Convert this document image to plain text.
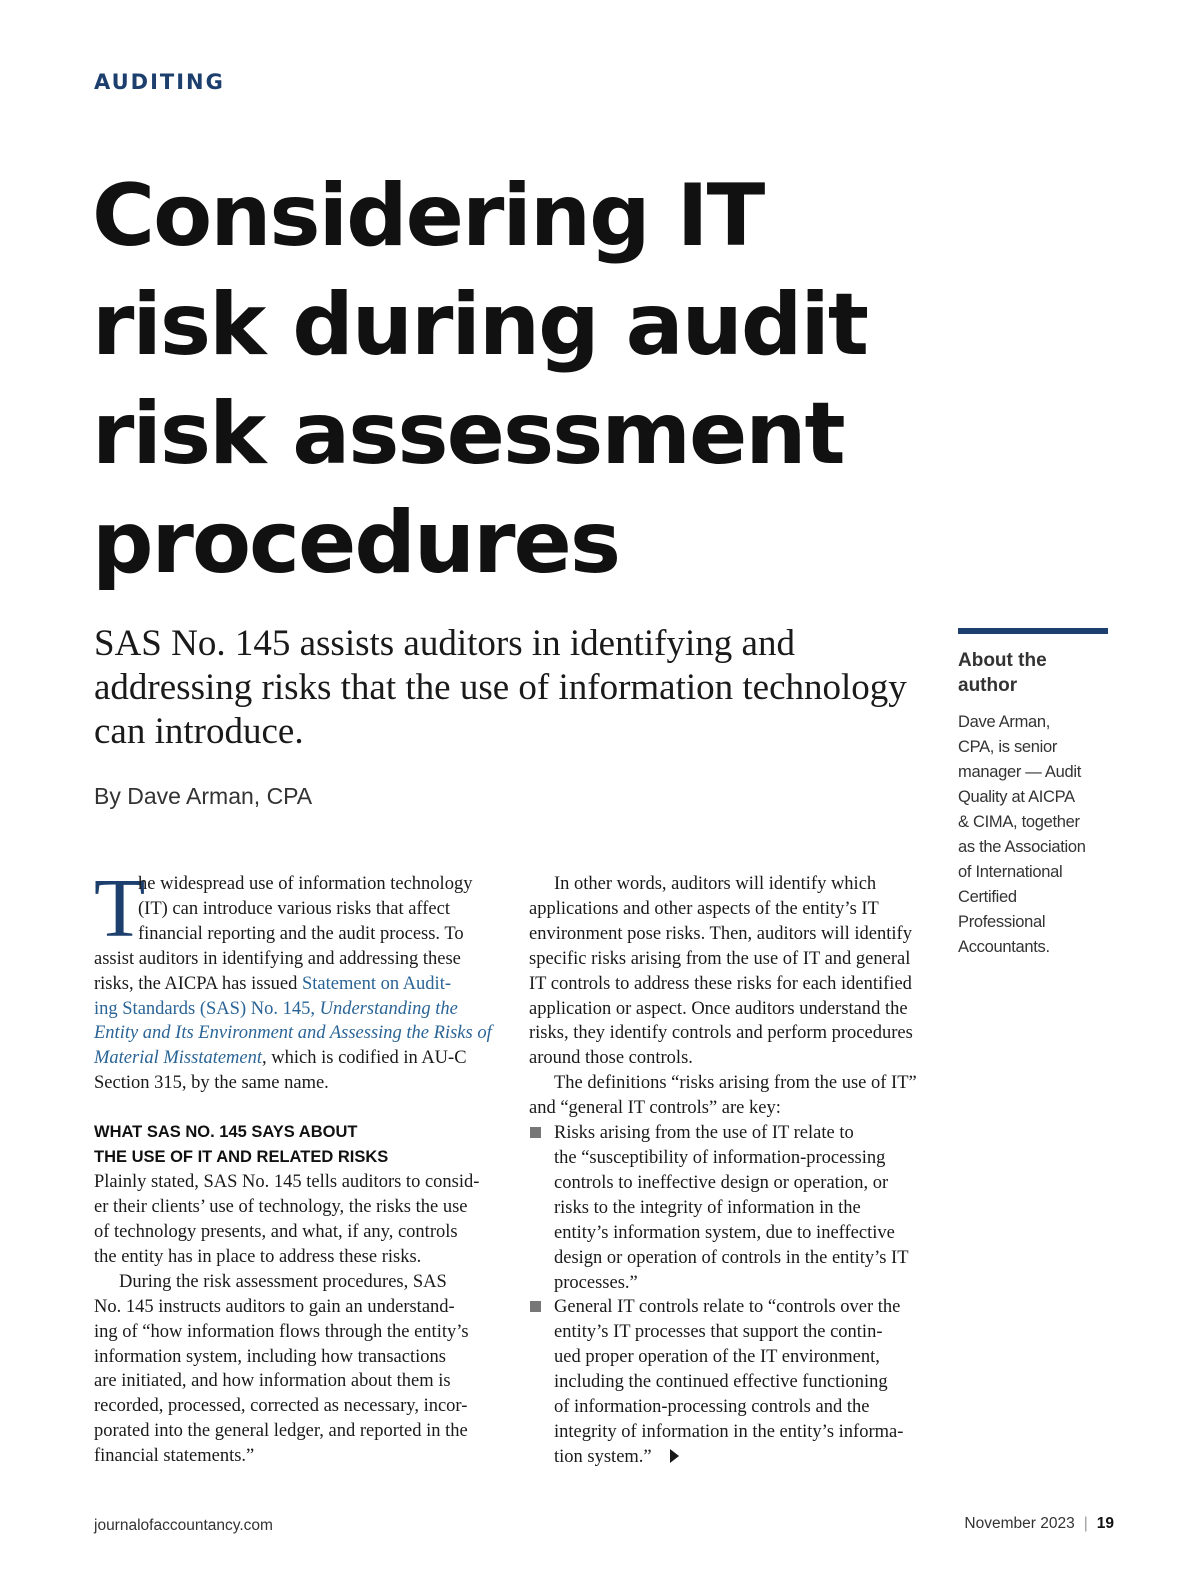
AUDITING
Considering IT
risk during audit
risk assessment
procedures

SAS No. 145 assists auditors in identifying and
addressing risks that the use of information technology
can introduce.

By Dave Arman, CPA
About the
author
Dave Arman,
CPA, is senior
manager — Audit
Quality at AICPA
& CIMA, together
as the Association
of International
Certified
Professional
Accountants.
T
he widespread use of information technology
(IT) can introduce various risks that affect
financial reporting and the audit process. To
assist auditors in identifying and addressing these
risks, the AICPA has issued Statement on Audit-
ing Standards (SAS) No. 145, Understanding the
Entity and Its Environment and Assessing the Risks of
Material Misstatement, which is codified in AU-C
Section 315, by the same name.
WHAT SAS NO. 145 SAYS ABOUT
THE USE OF IT AND RELATED RISKS
Plainly stated, SAS No. 145 tells auditors to consid-
er their clients’ use of technology, the risks the use
of technology presents, and what, if any, controls
the entity has in place to address these risks.
During the risk assessment procedures, SAS
No. 145 instructs auditors to gain an understand-
ing of “how information flows through the entity’s
information system, including how transactions
are initiated, and how information about them is
recorded, processed, corrected as necessary, incor-
porated into the general ledger, and reported in the
financial statements.”
In other words, auditors will identify which
applications and other aspects of the entity’s IT
environment pose risks. Then, auditors will identify
specific risks arising from the use of IT and general
IT controls to address these risks for each identified
application or aspect. Once auditors understand the
risks, they identify controls and perform procedures
around those controls.
The definitions “risks arising from the use of IT”
and “general IT controls” are key:
Risks arising from the use of IT relate to
the “susceptibility of information-processing
controls to ineffective design or operation, or
risks to the integrity of information in the
entity’s information system, due to ineffective
design or operation of controls in the entity’s IT
processes.”
General IT controls relate to “controls over the
entity’s IT processes that support the contin-
ued proper operation of the IT environment,
including the continued effective functioning
of information-processing controls and the
integrity of information in the entity’s informa-
tion system.”
journalofaccountancy.com	November 2023 | 19
